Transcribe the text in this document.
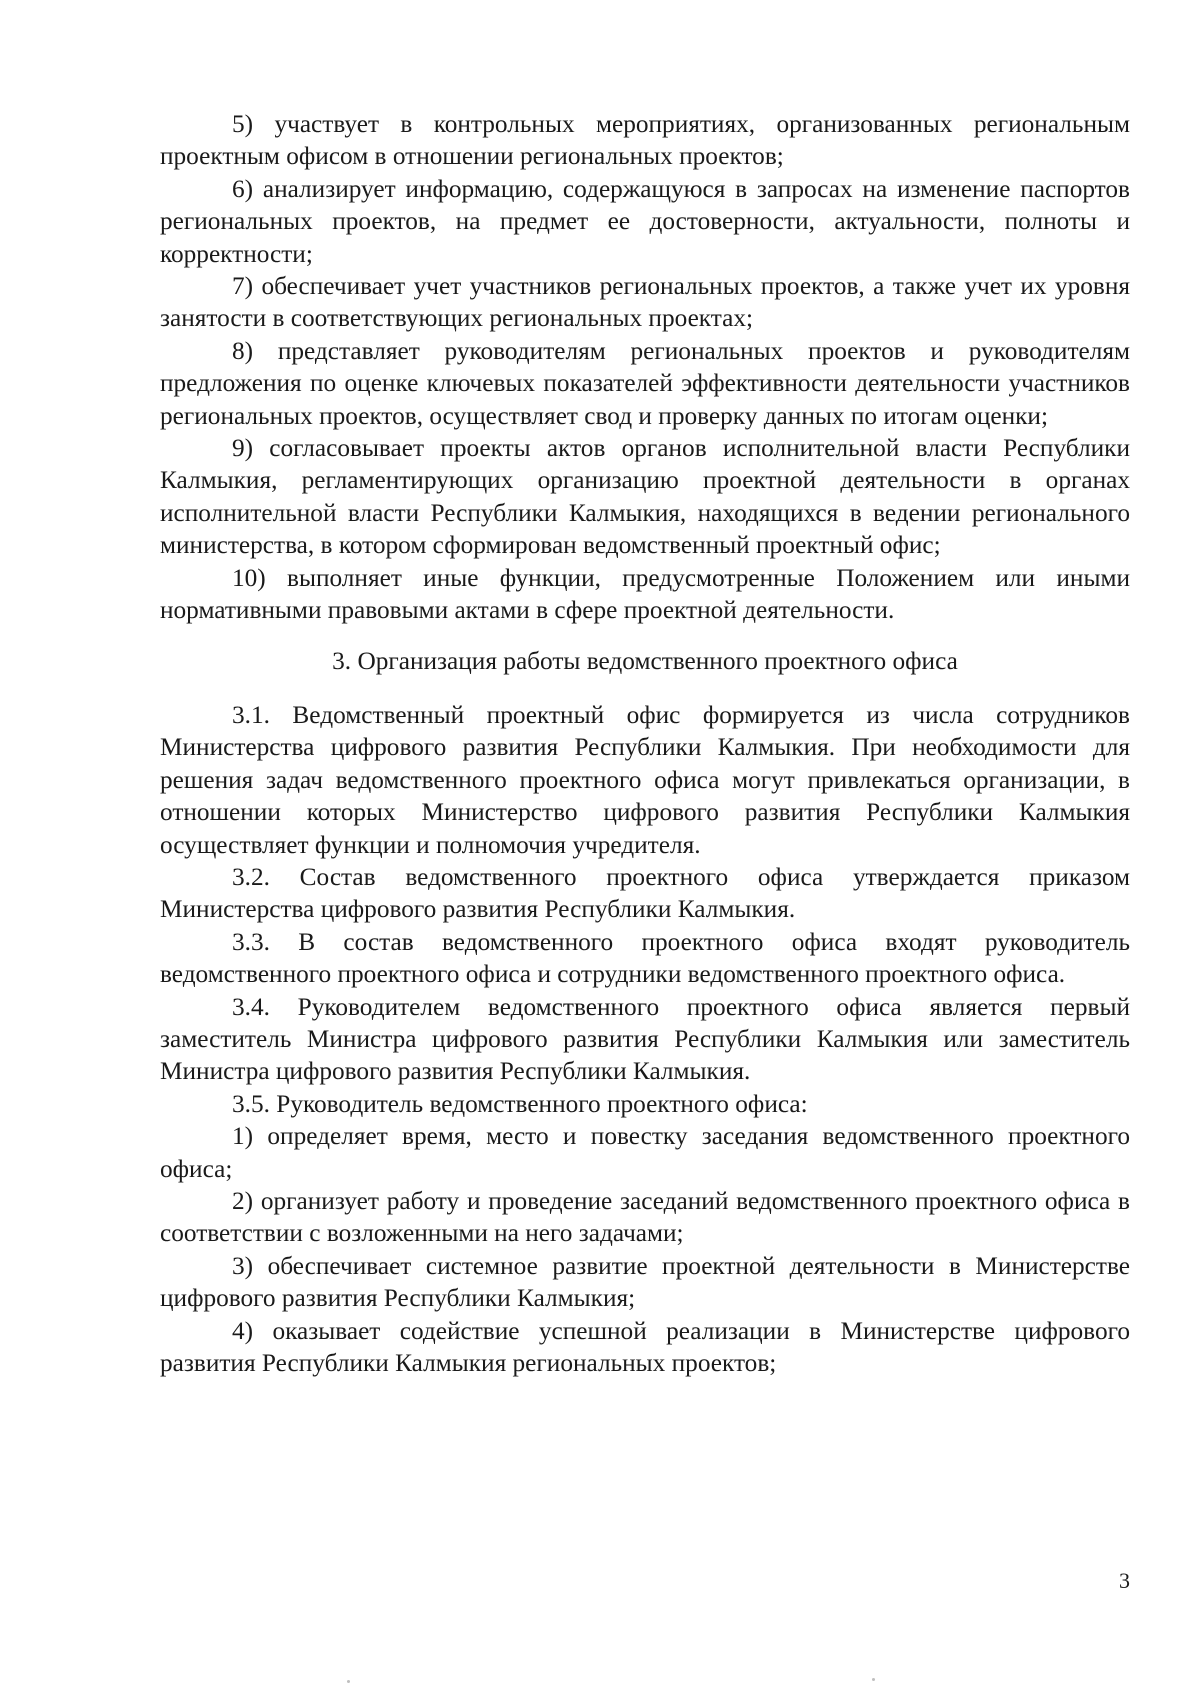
5) участвует в контрольных мероприятиях, организованных региональным проектным офисом в отношении региональных проектов;

6) анализирует информацию, содержащуюся в запросах на изменение паспортов региональных проектов, на предмет ее достоверности, актуальности, полноты и корректности;

7) обеспечивает учет участников региональных проектов, а также учет их уровня занятости в соответствующих региональных проектах;

8) представляет руководителям региональных проектов и руководителям предложения по оценке ключевых показателей эффективности деятельности участников региональных проектов, осуществляет свод и проверку данных по итогам оценки;

9) согласовывает проекты актов органов исполнительной власти Республики Калмыкия, регламентирующих организацию проектной деятельности в органах исполнительной власти Республики Калмыкия, находящихся в ведении регионального министерства, в котором сформирован ведомственный проектный офис;

10) выполняет иные функции, предусмотренные Положением или иными нормативными правовыми актами в сфере проектной деятельности.

3. Организация работы ведомственного проектного офиса

3.1. Ведомственный проектный офис формируется из числа сотрудников Министерства цифрового развития Республики Калмыкия. При необходимости для решения задач ведомственного проектного офиса могут привлекаться организации, в отношении которых Министерство цифрового развития Республики Калмыкия осуществляет функции и полномочия учредителя.

3.2. Состав ведомственного проектного офиса утверждается приказом Министерства цифрового развития Республики Калмыкия.

3.3. В состав ведомственного проектного офиса входят руководитель ведомственного проектного офиса и сотрудники ведомственного проектного офиса.

3.4. Руководителем ведомственного проектного офиса является первый заместитель Министра цифрового развития Республики Калмыкия или заместитель Министра цифрового развития Республики Калмыкия.

3.5. Руководитель ведомственного проектного офиса:

1) определяет время, место и повестку заседания ведомственного проектного офиса;

2) организует работу и проведение заседаний ведомственного проектного офиса в соответствии с возложенными на него задачами;

3) обеспечивает системное развитие проектной деятельности в Министерстве цифрового развития Республики Калмыкия;

4) оказывает содействие успешной реализации в Министерстве цифрового развития Республики Калмыкия региональных проектов;

3
